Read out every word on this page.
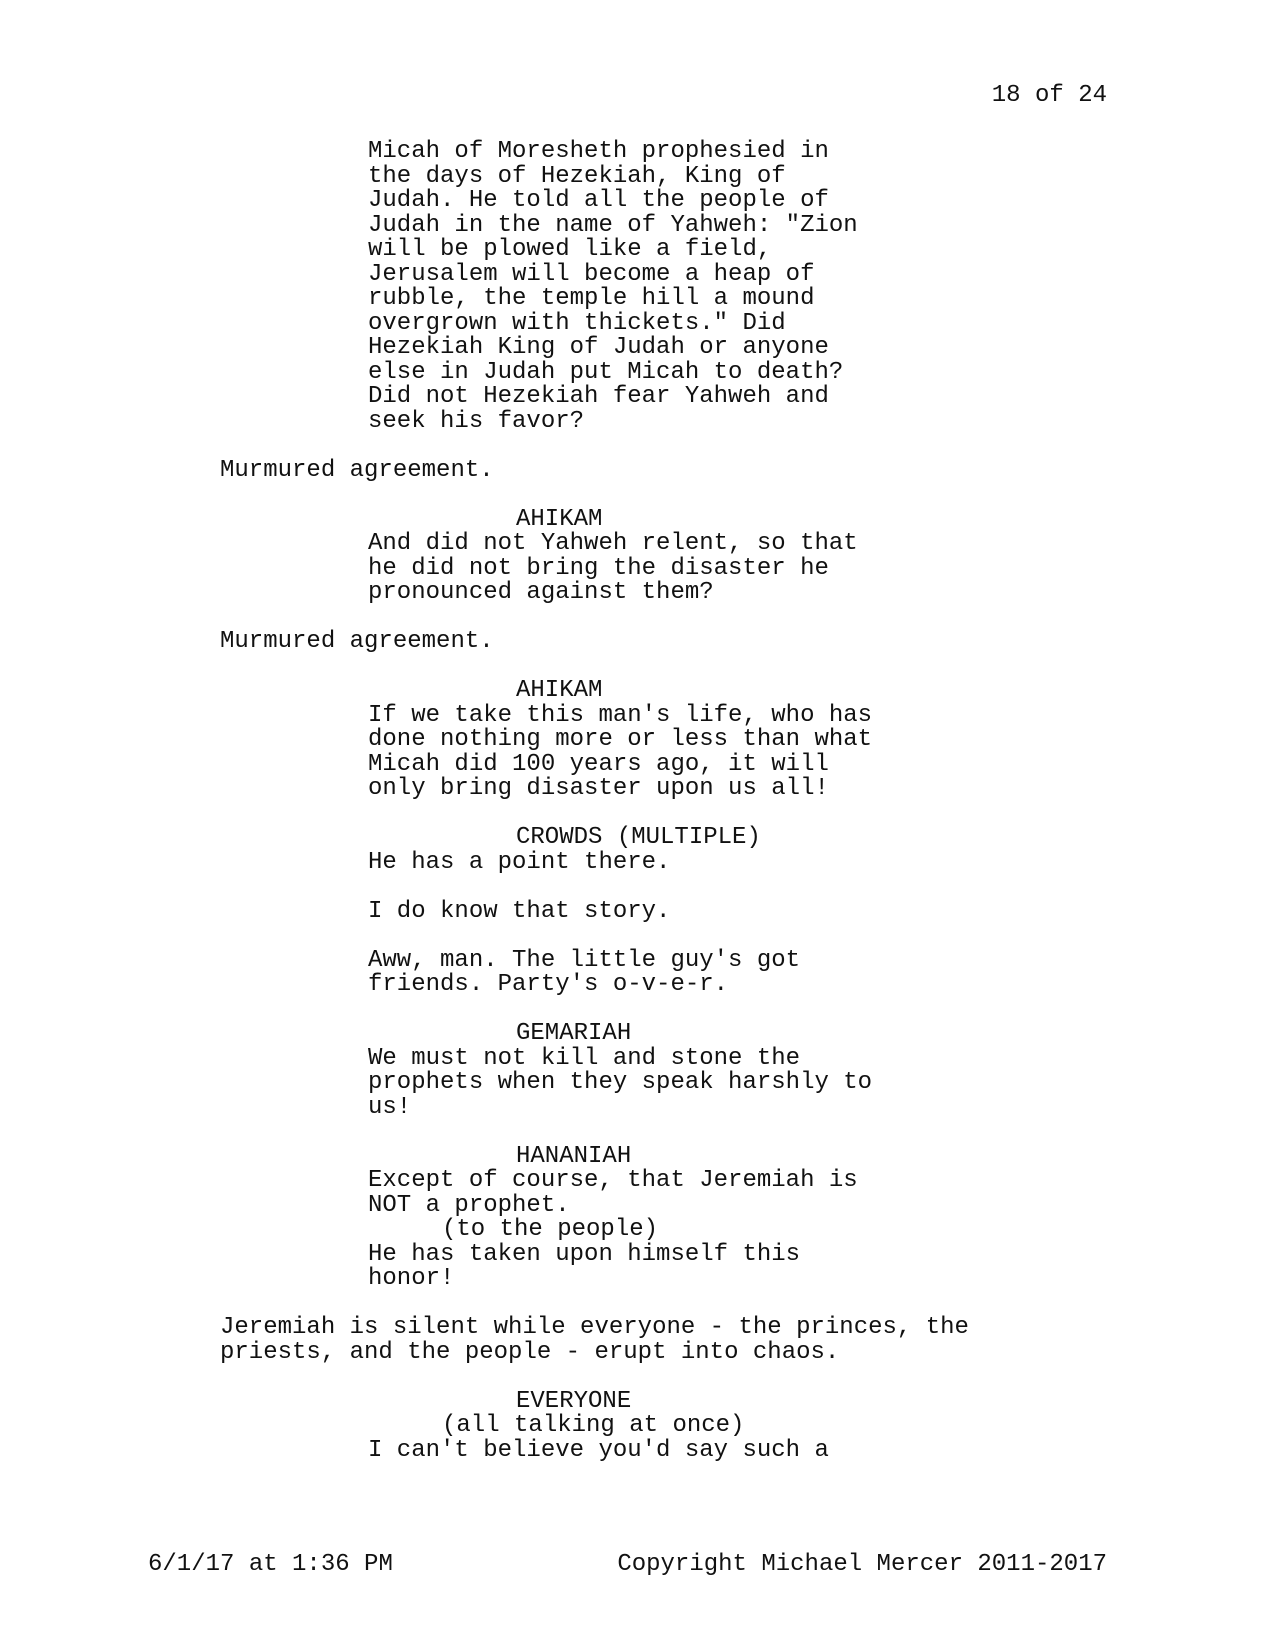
18 of 24

Micah of Moresheth prophesied in
the days of Hezekiah, King of
Judah. He told all the people of
Judah in the name of Yahweh: "Zion
will be plowed like a field,
Jerusalem will become a heap of
rubble, the temple hill a mound
overgrown with thickets." Did
Hezekiah King of Judah or anyone
else in Judah put Micah to death?
Did not Hezekiah fear Yahweh and
seek his favor?

Murmured agreement.

AHIKAM

And did not Yahweh relent, so that
he did not bring the disaster he
pronounced against them?

Murmured agreement.

AHIKAM

If we take this man's life, who has
done nothing more or less than what
Micah did 100 years ago, it will
only bring disaster upon us all!

CROWDS (MULTIPLE)

He has a point there.

I do know that story.

Aww, man. The little guy's got
friends. Party's o-v-e-r.

GEMARIAH

We must not kill and stone the
prophets when they speak harshly to
us!

HANANIAH

Except of course, that Jeremiah is
NOT a prophet.

(to the people)

He has taken upon himself this
honor!

Jeremiah is silent while everyone - the princes, the
priests, and the people - erupt into chaos.

EVERYONE

(all talking at once)

I can't believe you'd say such a

6/1/17 at 1:36 PM	Copyright Michael Mercer 2011-2017
